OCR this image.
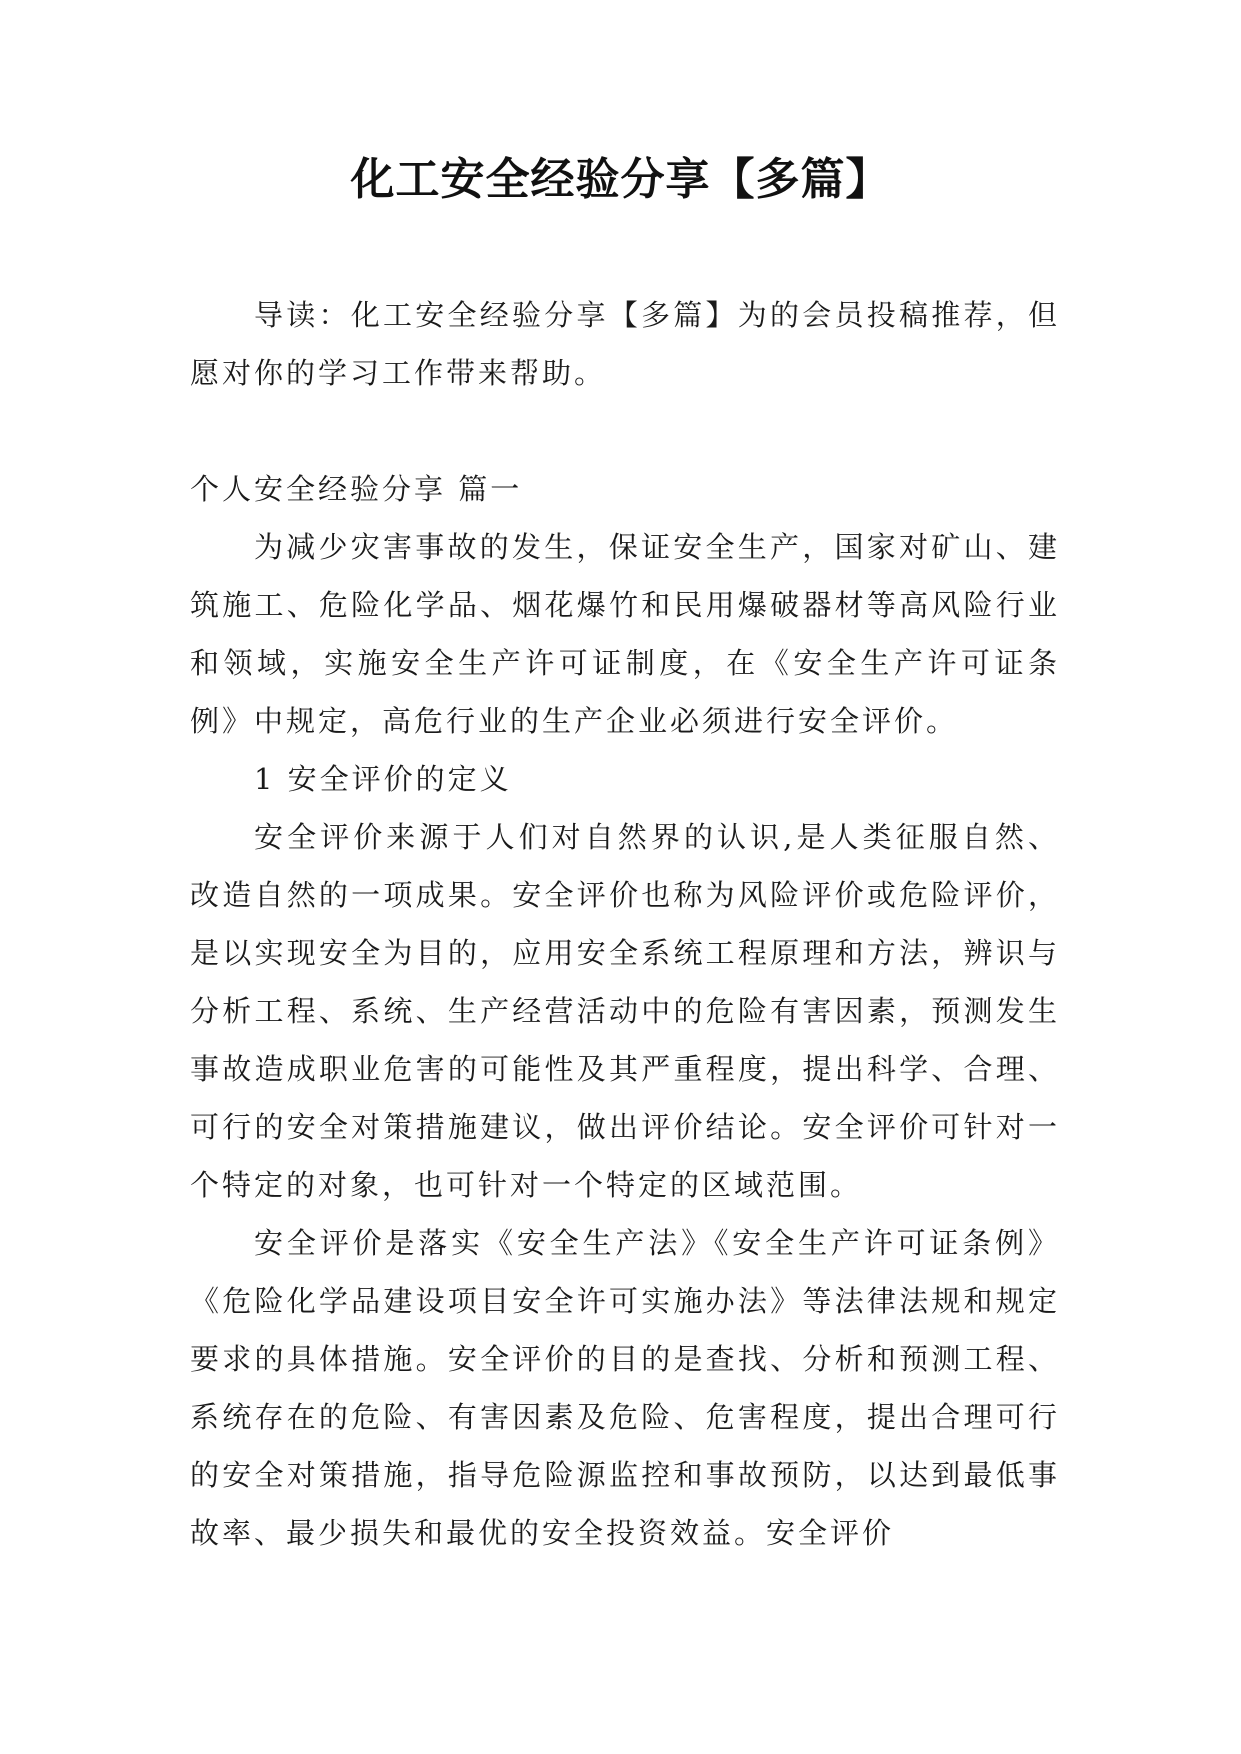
化工安全经验分享【多篇】

导读：化工安全经验分享【多篇】为的会员投稿推荐，但愿对你的学习工作带来帮助。

个人安全经验分享 篇一

为减少灾害事故的发生，保证安全生产，国家对矿山、建筑施工、危险化学品、烟花爆竹和民用爆破器材等高风险行业和领域，实施安全生产许可证制度，在《安全生产许可证条例》中规定，高危行业的生产企业必须进行安全评价。

1 安全评价的定义

安全评价来源于人们对自然界的认识,是人类征服自然、改造自然的一项成果。安全评价也称为风险评价或危险评价，是以实现安全为目的，应用安全系统工程原理和方法，辨识与分析工程、系统、生产经营活动中的危险有害因素，预测发生事故造成职业危害的可能性及其严重程度，提出科学、合理、可行的安全对策措施建议，做出评价结论。安全评价可针对一个特定的对象，也可针对一个特定的区域范围。

安全评价是落实《安全生产法》《安全生产许可证条例》《危险化学品建设项目安全许可实施办法》等法律法规和规定要求的具体措施。安全评价的目的是查找、分析和预测工程、系统存在的危险、有害因素及危险、危害程度，提出合理可行的安全对策措施，指导危险源监控和事故预防，以达到最低事故率、最少损失和最优的安全投资效益。安全评价
